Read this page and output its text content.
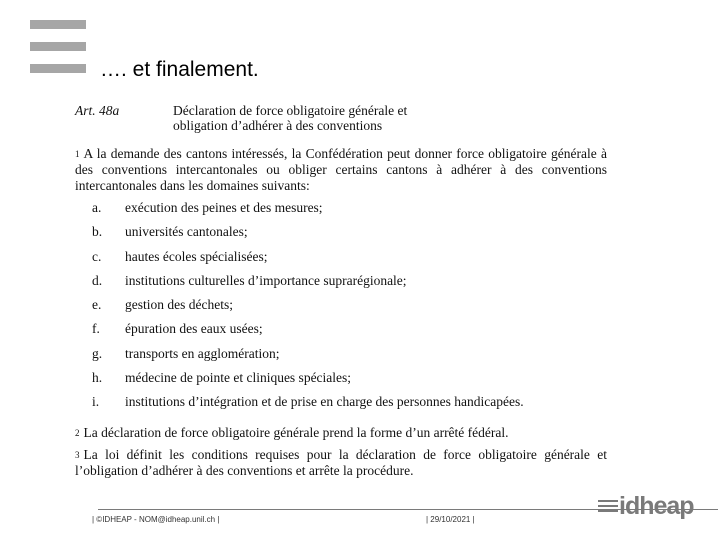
…. et finalement.
Art. 48a	Déclaration de force obligatoire générale et
obligation d’adhérer à des conventions
$^1$ A la demande des cantons intéressés, la Confédération peut donner force obligatoire générale à des conventions intercantonales ou obliger certains cantons à adhérer à des conventions intercantonales dans les domaines suivants:
a.	exécution des peines et des mesures;
b.	universités cantonales;
c.	hautes écoles spécialisées;
d.	institutions culturelles d’importance suprarégionale;
e.	gestion des déchets;
f.	épuration des eaux usées;
g.	transports en agglomération;
h.	médecine de pointe et cliniques spéciales;
i.	institutions d’intégration et de prise en charge des personnes handicapées.
$^2$ La déclaration de force obligatoire générale prend la forme d’un arrêté fédéral.
$^3$ La loi définit les conditions requises pour la déclaration de force obligatoire générale et l’obligation d’adhérer à des conventions et arrête la procédure.
| ©IDHEAP - NOM@idheap.unil.ch |	| 29/10/2021 |	idheap
